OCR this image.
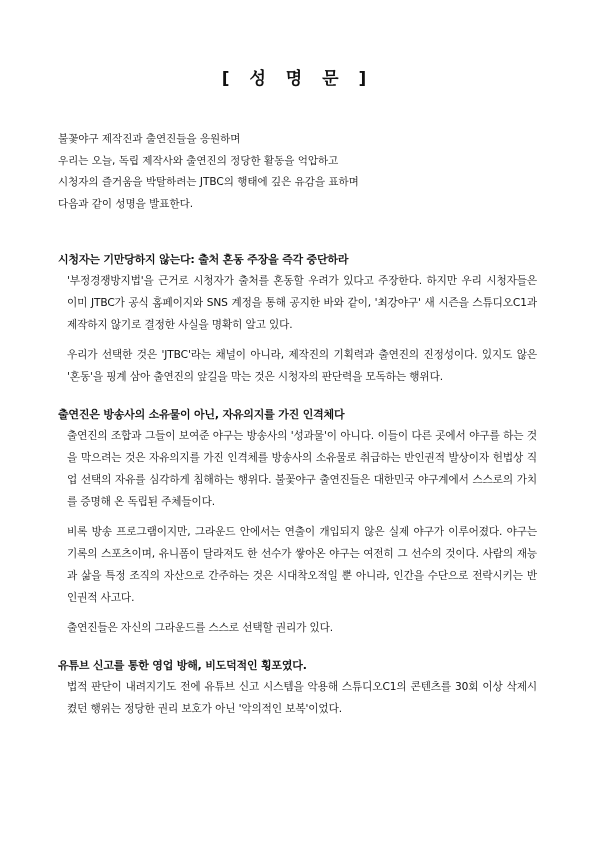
[ 성 명 문 ]

불꽃야구 제작진과 출연진들을 응원하며

우리는 오늘, 독립 제작사와 출연진의 정당한 활동을 억압하고

시청자의 즐거움을 박탈하려는 JTBC의 행태에 깊은 유감을 표하며

다음과 같이 성명을 발표한다.

시청자는 기만당하지 않는다: 출처 혼동 주장을 즉각 중단하라

'부정경쟁방지법'을 근거로 시청자가 출처를 혼동할 우려가 있다고 주장한다. 하지만 우리 시청자들은 이미 JTBC가 공식 홈페이지와 SNS 계정을 통해 공지한 바와 같이, '최강야구' 새 시즌을 스튜디오C1과 제작하지 않기로 결정한 사실을 명확히 알고 있다.

우리가 선택한 것은 'JTBC'라는 채널이 아니라, 제작진의 기획력과 출연진의 진정성이다. 있지도 않은 '혼동'을 핑계 삼아 출연진의 앞길을 막는 것은 시청자의 판단력을 모독하는 행위다.

출연진은 방송사의 소유물이 아닌, 자유의지를 가진 인격체다

출연진의 조합과 그들이 보여준 야구는 방송사의 '성과물'이 아니다. 이들이 다른 곳에서 야구를 하는 것을 막으려는 것은 자유의지를 가진 인격체를 방송사의 소유물로 취급하는 반인권적 발상이자 헌법상 직업 선택의 자유를 심각하게 침해하는 행위다. 불꽃야구 출연진들은 대한민국 야구계에서 스스로의 가치를 증명해 온 독립된 주체들이다.

비록 방송 프로그램이지만, 그라운드 안에서는 연출이 개입되지 않은 실제 야구가 이루어졌다. 야구는 기록의 스포츠이며, 유니폼이 달라져도 한 선수가 쌓아온 야구는 여전히 그 선수의 것이다. 사람의 재능과 삶을 특정 조직의 자산으로 간주하는 것은 시대착오적일 뿐 아니라, 인간을 수단으로 전락시키는 반인권적 사고다.

출연진들은 자신의 그라운드를 스스로 선택할 권리가 있다.

유튜브 신고를 통한 영업 방해, 비도덕적인 횡포였다.

법적 판단이 내려지기도 전에 유튜브 신고 시스템을 악용해 스튜디오C1의 콘텐츠를 30회 이상 삭제시켰던 행위는 정당한 권리 보호가 아닌 '악의적인 보복'이었다.
